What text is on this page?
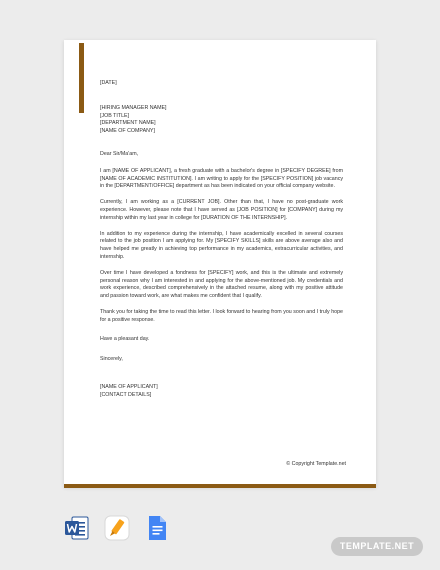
[DATE]

[HIRING MANAGER NAME]

[JOB TITLE]

[DEPARTMENT NAME]

[NAME OF COMPANY]

Dear Sir/Ma'am,

I am [NAME OF APPLICANT], a fresh graduate with a bachelor's degree in [SPECIFY DEGREE] from [NAME OF ACADEMIC INSTITUTION]. I am writing to apply for the [SPECIFY POSITION] job vacancy in the [DEPARTMENT/OFFICE] department as has been indicated on your official company website.

Currently, I am working as a [CURRENT JOB]. Other than that, I have no post-graduate work experience. However, please note that I have served as [JOB POSITION] for [COMPANY] during my internship within my last year in college for [DURATION OF THE INTERNSHIP].

In addition to my experience during the internship, I have academically excelled in several courses related to the job position I am applying for. My [SPECIFY SKILLS] skills are above average also and have helped me greatly in achieving top performance in my academics, extracurricular activities, and internship.

Over time I have developed a fondness for [SPECIFY] work, and this is the ultimate and extremely personal reason why I am interested in and applying for the above-mentioned job. My credentials and work experience, described comprehensively in the attached resume, along with my positive attitude and passion toward work, are what makes me confident that I qualify.

Thank you for taking the time to read this letter. I look forward to hearing from you soon and I truly hope for a positive response.

Have a pleasant day.

Sincerely,

[NAME OF APPLICANT]

[CONTACT DETAILS]

© Copyright Template.net
TEMPLATE.NET
